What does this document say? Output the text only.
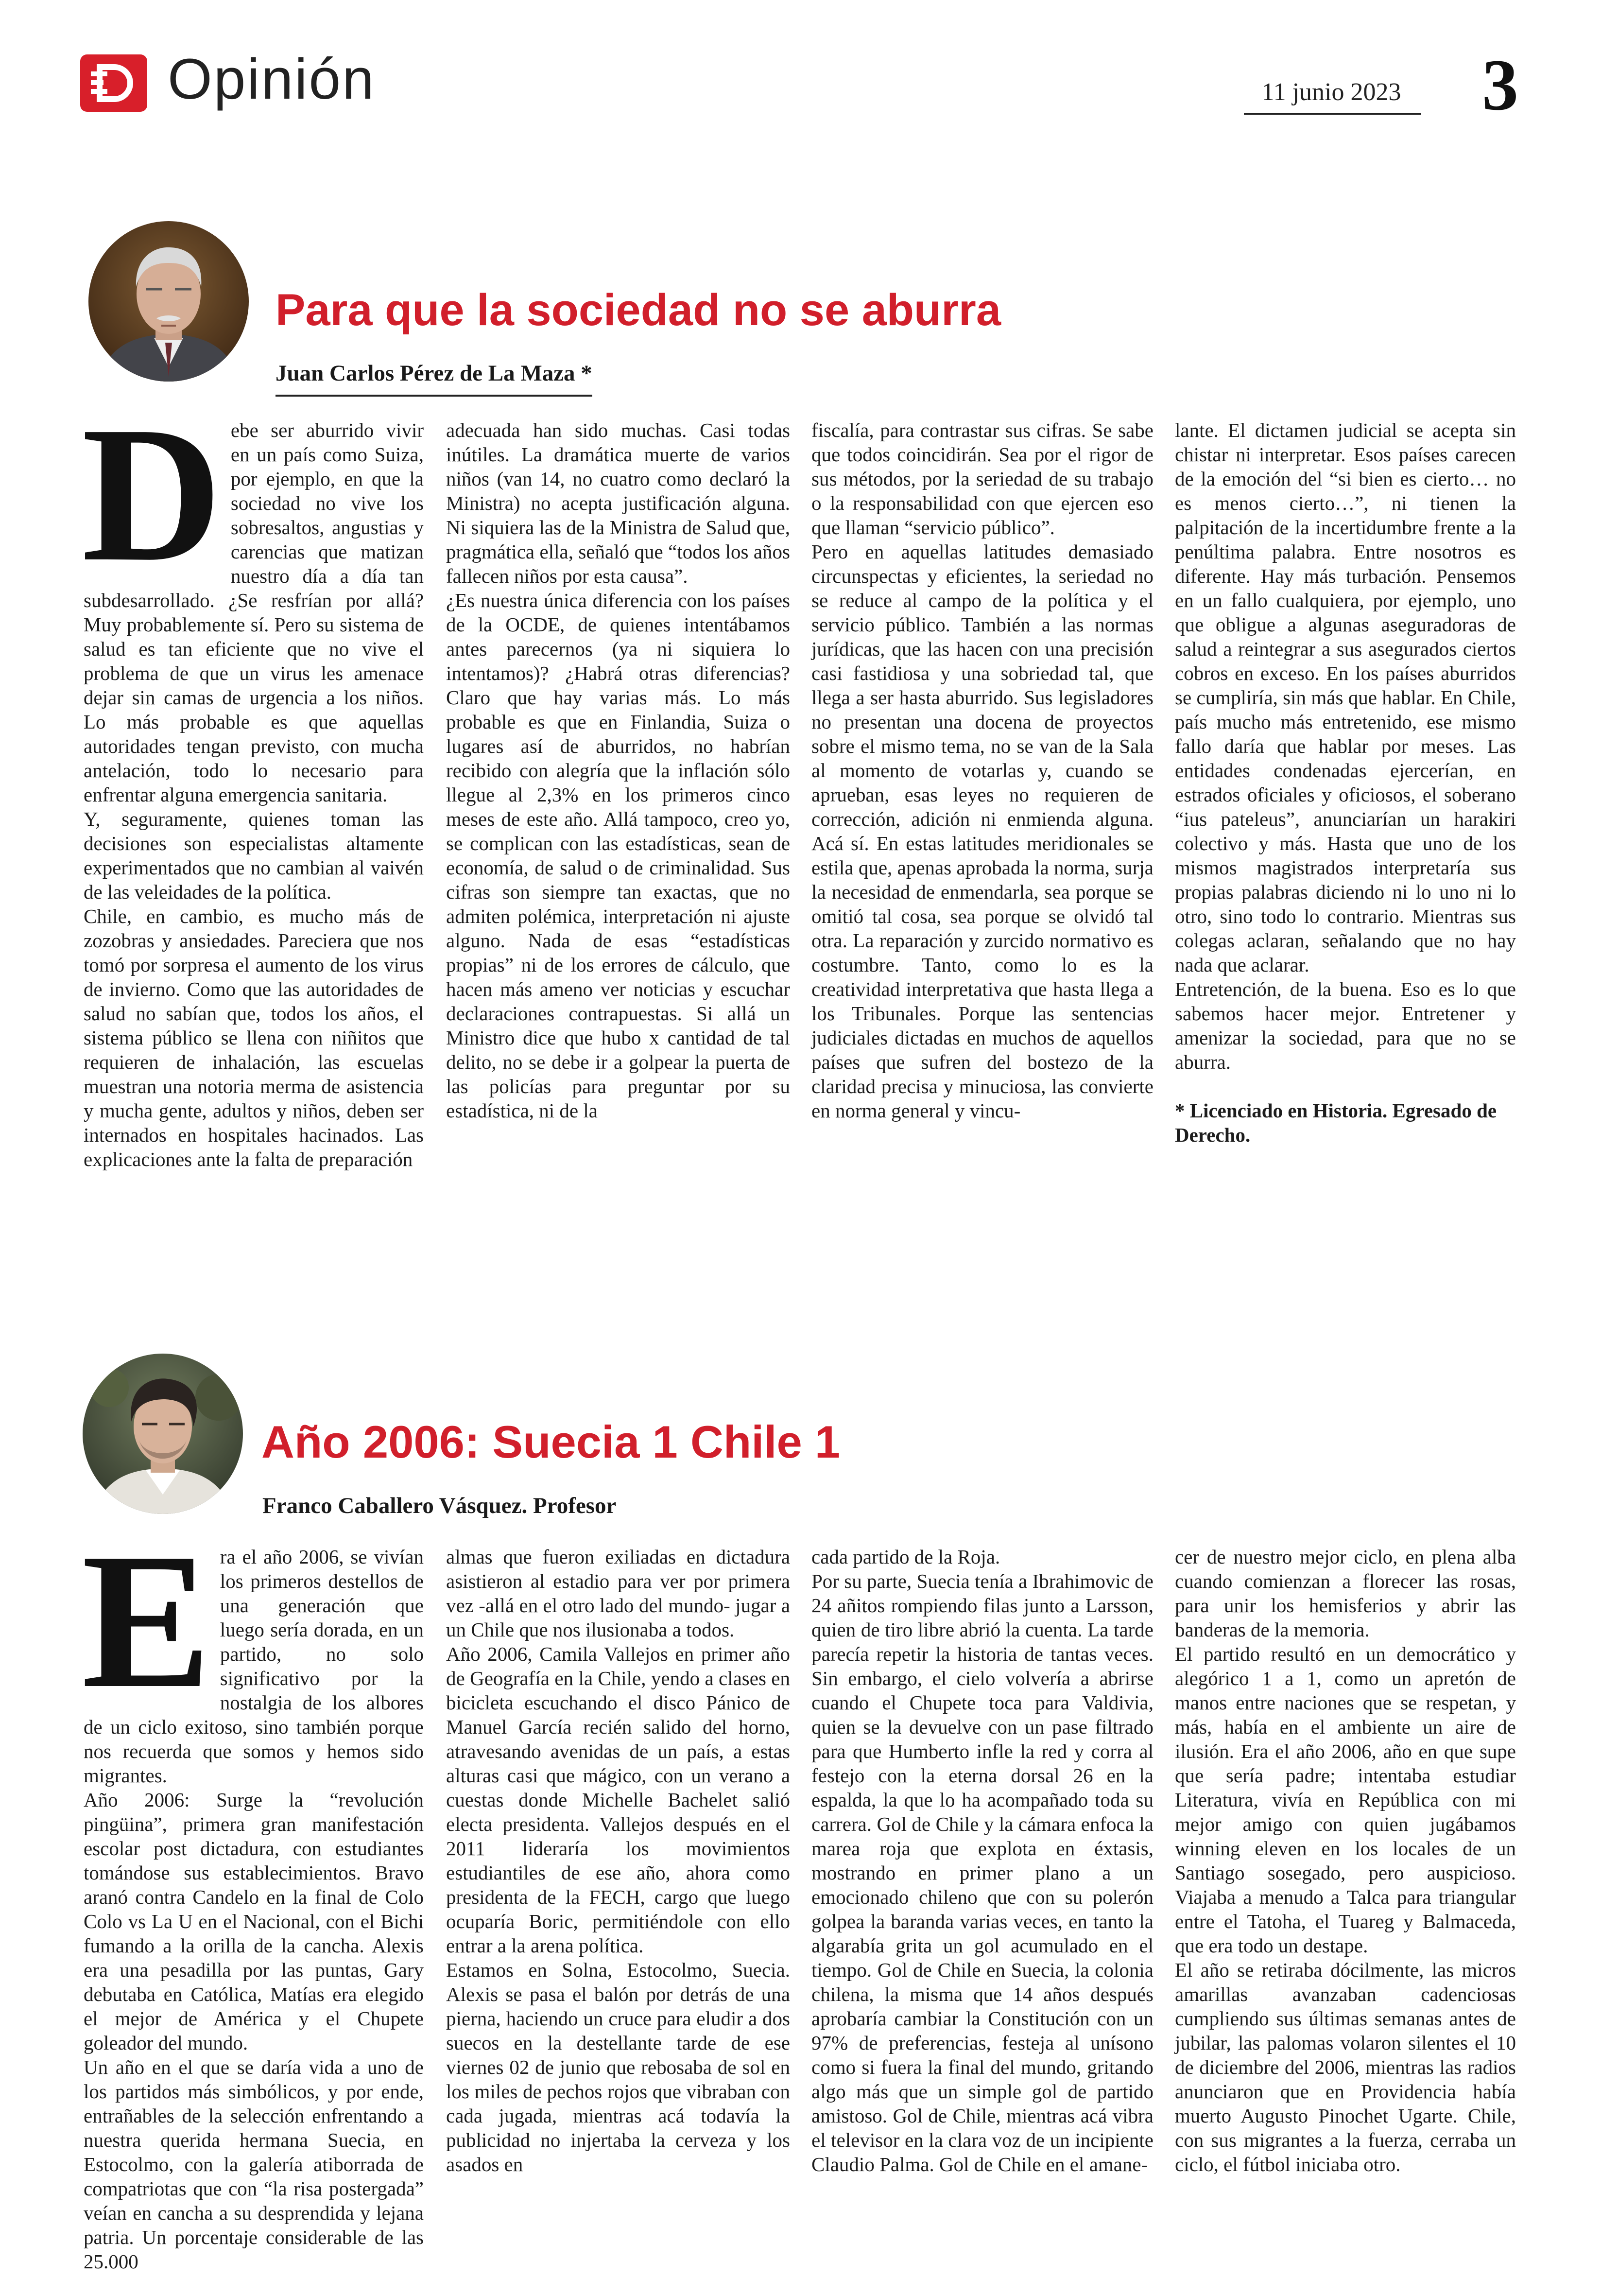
Opinión	11 junio 2023 3
Para que la sociedad no se aburra
Juan Carlos Pérez de La Maza *
D ebe ser aburrido vivir en un país como Suiza, por ejemplo, en que la sociedad no vive los sobresaltos, angustias y carencias que matizan nuestro día a día tan subdesarrollado. ¿Se resfrían por allá? Muy probablemente sí. Pero su sistema de salud es tan eficiente que no vive el problema de que un virus les amenace dejar sin camas de urgencia a los niños. Lo más probable es que aquellas autoridades tengan previsto, con mucha antelación, todo lo necesario para enfrentar alguna emergencia sanitaria.

Y, seguramente, quienes toman las decisiones son especialistas altamente experimentados que no cambian al vaivén de las veleidades de la política.

Chile, en cambio, es mucho más de zozobras y ansiedades. Pareciera que nos tomó por sorpresa el aumento de los virus de invierno. Como que las autoridades de salud no sabían que, todos los años, el sistema público se llena con niñitos que requieren de inhalación, las escuelas muestran una notoria merma de asistencia y mucha gente, adultos y niños, deben ser internados en hospitales hacinados. Las explicaciones ante la falta de preparación

adecuada han sido muchas. Casi todas inútiles. La dramática muerte de varios niños (van 14, no cuatro como declaró la Ministra) no acepta justificación alguna. Ni siquiera las de la Ministra de Salud que, pragmática ella, señaló que “todos los años fallecen niños por esta causa”.

¿Es nuestra única diferencia con los países de la OCDE, de quienes intentábamos antes parecernos (ya ni siquiera lo intentamos)? ¿Habrá otras diferencias? Claro que hay varias más. Lo más probable es que en Finlandia, Suiza o lugares así de aburridos, no habrían recibido con alegría que la inflación sólo llegue al 2,3% en los primeros cinco meses de este año. Allá tampoco, creo yo, se complican con las estadísticas, sean de economía, de salud o de criminalidad. Sus cifras son siempre tan exactas, que no admiten polémica, interpretación ni ajuste alguno. Nada de esas “estadísticas propias” ni de los errores de cálculo, que hacen más ameno ver noticias y escuchar declaraciones contrapuestas. Si allá un Ministro dice que hubo x cantidad de tal delito, no se debe ir a golpear la puerta de las policías para preguntar por su estadística, ni de la

fiscalía, para contrastar sus cifras. Se sabe que todos coincidirán. Sea por el rigor de sus métodos, por la seriedad de su trabajo o la responsabilidad con que ejercen eso que llaman “servicio público”.

Pero en aquellas latitudes demasiado circunspectas y eficientes, la seriedad no se reduce al campo de la política y el servicio público. También a las normas jurídicas, que las hacen con una precisión casi fastidiosa y una sobriedad tal, que llega a ser hasta aburrido. Sus legisladores no presentan una docena de proyectos sobre el mismo tema, no se van de la Sala al momento de votarlas y, cuando se aprueban, esas leyes no requieren de corrección, adición ni enmienda alguna. Acá sí. En estas latitudes meridionales se estila que, apenas aprobada la norma, surja la necesidad de enmendarla, sea porque se omitió tal cosa, sea porque se olvidó tal otra. La reparación y zurcido normativo es costumbre. Tanto, como lo es la creatividad interpretativa que hasta llega a los Tribunales. Porque las sentencias judiciales dictadas en muchos de aquellos países que sufren del bostezo de la claridad precisa y minuciosa, las convierte en norma general y vincu-

lante. El dictamen judicial se acepta sin chistar ni interpretar. Esos países carecen de la emoción del “si bien es cierto… no es menos cierto…”, ni tienen la palpitación de la incertidumbre frente a la penúltima palabra. Entre nosotros es diferente. Hay más turbación. Pensemos en un fallo cualquiera, por ejemplo, uno que obligue a algunas aseguradoras de salud a reintegrar a sus asegurados ciertos cobros en exceso. En los países aburridos se cumpliría, sin más que hablar. En Chile, país mucho más entretenido, ese mismo fallo daría que hablar por meses. Las entidades condenadas ejercerían, en estrados oficiales y oficiosos, el soberano “ius pateleus”, anunciarían un harakiri colectivo y más. Hasta que uno de los mismos magistrados interpretaría sus propias palabras diciendo ni lo uno ni lo otro, sino todo lo contrario. Mientras sus colegas aclaran, señalando que no hay nada que aclarar.

Entretención, de la buena. Eso es lo que sabemos hacer mejor. Entretener y amenizar la sociedad, para que no se aburra.

* Licenciado en Historia. Egresado de Derecho.

Año 2006: Suecia 1 Chile 1
Franco Caballero Vásquez. Profesor
E ra el año 2006, se vivían los primeros destellos de una generación que luego sería dorada, en un partido, no solo significativo por la nostalgia de los albores de un ciclo exitoso, sino también porque nos recuerda que somos y hemos sido migrantes.

Año 2006: Surge la “revolución pingüina”, primera gran manifestación escolar post dictadura, con estudiantes tomándose sus establecimientos. Bravo aranó contra Candelo en la final de Colo Colo vs La U en el Nacional, con el Bichi fumando a la orilla de la cancha. Alexis era una pesadilla por las puntas, Gary debutaba en Católica, Matías era elegido el mejor de América y el Chupete goleador del mundo.

Un año en el que se daría vida a uno de los partidos más simbólicos, y por ende, entrañables de la selección enfrentando a nuestra querida hermana Suecia, en Estocolmo, con la galería atiborrada de compatriotas que con “la risa postergada” veían en cancha a su desprendida y lejana patria. Un porcentaje considerable de las 25.000

almas que fueron exiliadas en dictadura asistieron al estadio para ver por primera vez -allá en el otro lado del mundo- jugar a un Chile que nos ilusionaba a todos.

Año 2006, Camila Vallejos en primer año de Geografía en la Chile, yendo a clases en bicicleta escuchando el disco Pánico de Manuel García recién salido del horno, atravesando avenidas de un país, a estas alturas casi que mágico, con un verano a cuestas donde Michelle Bachelet salió electa presidenta. Vallejos después en el 2011 lideraría los movimientos estudiantiles de ese año, ahora como presidenta de la FECH, cargo que luego ocuparía Boric, permitiéndole con ello entrar a la arena política.

Estamos en Solna, Estocolmo, Suecia. Alexis se pasa el balón por detrás de una pierna, haciendo un cruce para eludir a dos suecos en la destellante tarde de ese viernes 02 de junio que rebosaba de sol en los miles de pechos rojos que vibraban con cada jugada, mientras acá todavía la publicidad no injertaba la cerveza y los asados en

cada partido de la Roja.

Por su parte, Suecia tenía a Ibrahimovic de 24 añitos rompiendo filas junto a Larsson, quien de tiro libre abrió la cuenta. La tarde parecía repetir la historia de tantas veces. Sin embargo, el cielo volvería a abrirse cuando el Chupete toca para Valdivia, quien se la devuelve con un pase filtrado para que Humberto infle la red y corra al festejo con la eterna dorsal 26 en la espalda, la que lo ha acompañado toda su carrera. Gol de Chile y la cámara enfoca la marea roja que explota en éxtasis, mostrando en primer plano a un emocionado chileno que con su polerón golpea la baranda varias veces, en tanto la algarabía grita un gol acumulado en el tiempo. Gol de Chile en Suecia, la colonia chilena, la misma que 14 años después aprobaría cambiar la Constitución con un 97% de preferencias, festeja al unísono como si fuera la final del mundo, gritando algo más que un simple gol de partido amistoso. Gol de Chile, mientras acá vibra el televisor en la clara voz de un incipiente Claudio Palma. Gol de Chile en el amane-

cer de nuestro mejor ciclo, en plena alba cuando comienzan a florecer las rosas, para unir los hemisferios y abrir las banderas de la memoria.

El partido resultó en un democrático y alegórico 1 a 1, como un apretón de manos entre naciones que se respetan, y más, había en el ambiente un aire de ilusión. Era el año 2006, año en que supe que sería padre; intentaba estudiar Literatura, vivía en República con mi mejor amigo con quien jugábamos winning eleven en los locales de un Santiago sosegado, pero auspicioso. Viajaba a menudo a Talca para triangular entre el Tatoha, el Tuareg y Balmaceda, que era todo un destape.

El año se retiraba dócilmente, las micros amarillas avanzaban cadenciosas cumpliendo sus últimas semanas antes de jubilar, las palomas volaron silentes el 10 de diciembre del 2006, mientras las radios anunciaron que en Providencia había muerto Augusto Pinochet Ugarte. Chile, con sus migrantes a la fuerza, cerraba un ciclo, el fútbol iniciaba otro.
